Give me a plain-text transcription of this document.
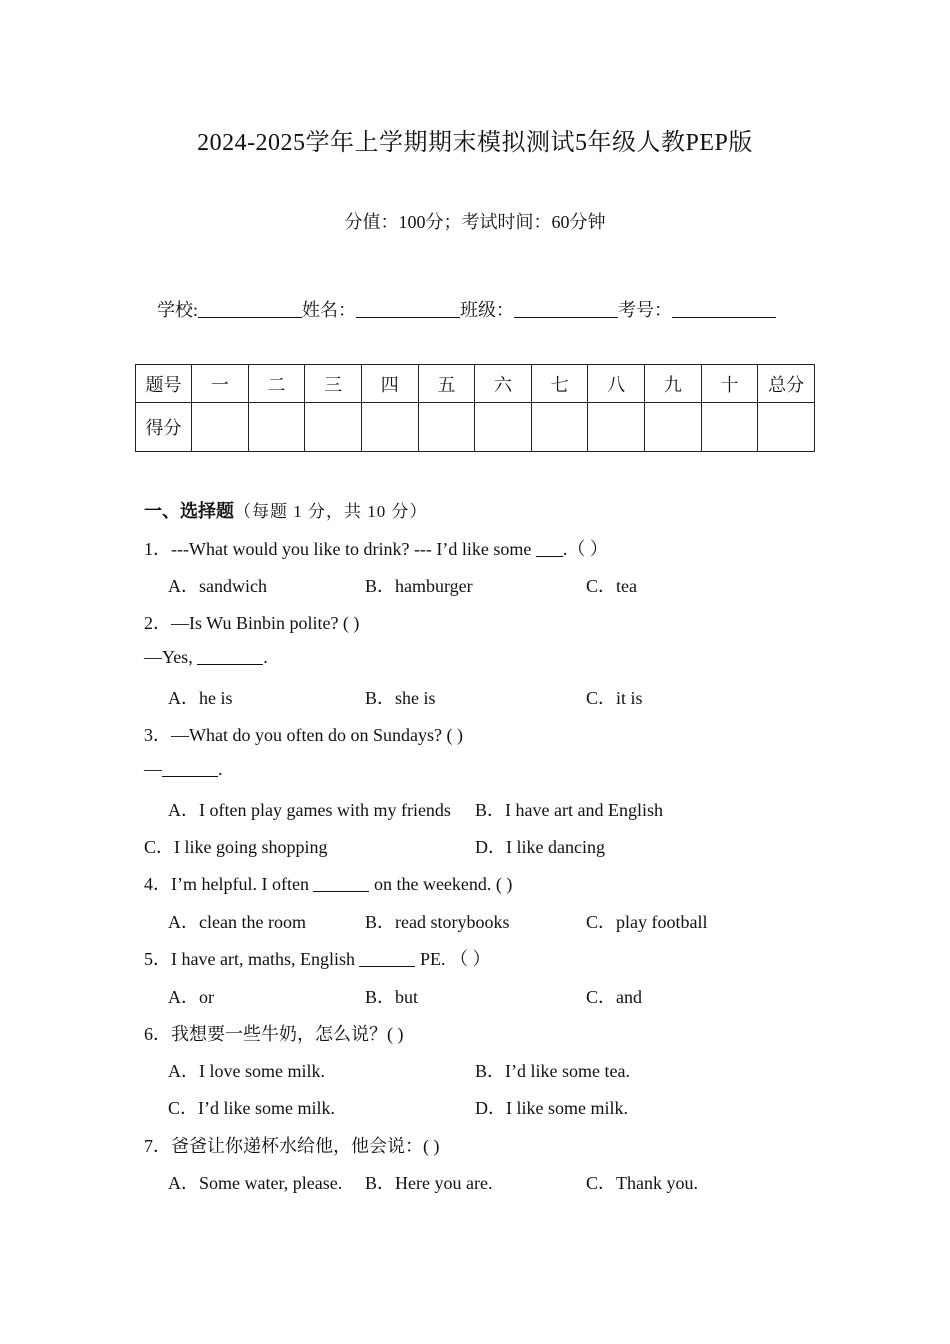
2024-2025学年上学期期末模拟测试5年级人教PEP版
分值：100分；考试时间：60分钟
学校:	姓名：	班级：	考号：
题号	一	二	三	四	五	六	七	八	九	十	总分
得分											
一、选择题（每题 1 分，共 10 分）
1．---What would you like to drink? --- I’d like some .（ ）
A．sandwich	B．hamburger	C．tea
2．—Is Wu Binbin polite? ( )
—Yes,	.
A．he is	B．she is	C．it is
3．—What do you often do on Sundays? ( )
—	.
A．I often play games with my friends B．I have art and English
C．I like going shopping	D．I like dancing
4．I’m helpful. I often	on the weekend. ( )
A．clean the room	B．read storybooks	C．play football
5．I have art, maths, English	PE. （ ）
A．or	B．but	C．and
6．我想要一些牛奶，怎么说？( )
A．I love some milk.	B．I’d like some tea.
C．I’d like some milk.	D．I like some milk.
7．爸爸让你递杯水给他，他会说：( )
A．Some water, please. B．Here you are.	C．Thank you.
